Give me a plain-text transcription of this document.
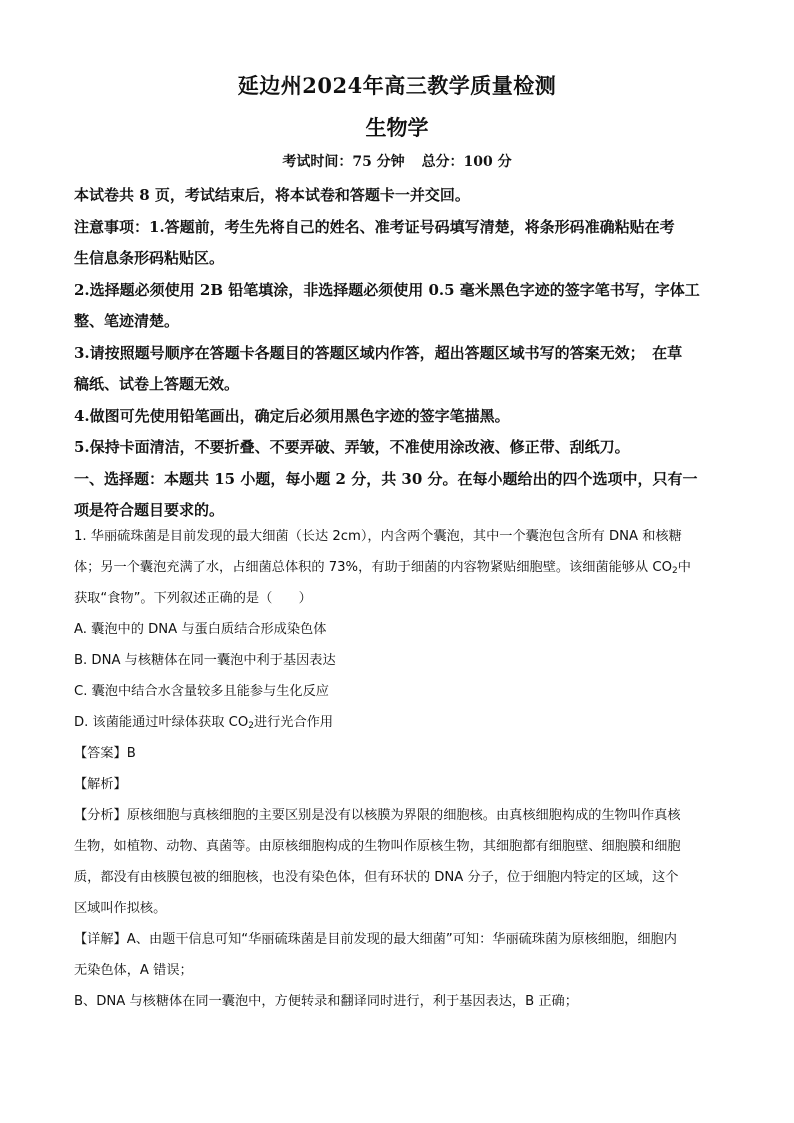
延边州2024年高三教学质量检测
生物学
考试时间：75 分钟 总分：100 分

本试卷共 8 页，考试结束后，将本试卷和答题卡一并交回。

注意事项：1.答题前，考生先将自己的姓名、准考证号码填写清楚，将条形码准确粘贴在考

生信息条形码粘贴区。

2.选择题必须使用 2B 铅笔填涂，非选择题必须使用 0.5 毫米黑色字迹的签字笔书写，字体工

整、笔迹清楚。

3.请按照题号顺序在答题卡各题目的答题区域内作答，超出答题区域书写的答案无效；　在草

稿纸、试卷上答题无效。

4.做图可先使用铅笔画出，确定后必须用黑色字迹的签字笔描黑。

5.保持卡面清洁，不要折叠、不要弄破、弄皱，不准使用涂改液、修正带、刮纸刀。

一、选择题：本题共 15 小题，每小题 2 分，共 30 分。在每小题给出的四个选项中，只有一

项是符合题目要求的。

1. 华丽硫珠菌是目前发现的最大细菌（长达 2cm），内含两个囊泡，其中一个囊泡包含所有 DNA 和核糖

体；另一个囊泡充满了水，占细菌总体积的 73%，有助于细菌的内容物紧贴细胞壁。该细菌能够从 $CO_2$中

获取“食物”。下列叙述正确的是（　　）

A. 囊泡中的 DNA 与蛋白质结合形成染色体

B. DNA 与核糖体在同一囊泡中利于基因表达

C. 囊泡中结合水含量较多且能参与生化反应

D. 该菌能通过叶绿体获取 $CO_2$进行光合作用

【答案】B

【解析】

【分析】原核细胞与真核细胞的主要区别是没有以核膜为界限的细胞核。由真核细胞构成的生物叫作真核

生物，如植物、动物、真菌等。由原核细胞构成的生物叫作原核生物，其细胞都有细胞壁、细胞膜和细胞

质，都没有由核膜包被的细胞核，也没有染色体，但有环状的 DNA 分子，位于细胞内特定的区域，这个

区域叫作拟核。

【详解】A、由题干信息可知“华丽硫珠菌是目前发现的最大细菌”可知：华丽硫珠菌为原核细胞，细胞内

无染色体，A 错误；

B、DNA 与核糖体在同一囊泡中，方便转录和翻译同时进行，利于基因表达，B 正确；
